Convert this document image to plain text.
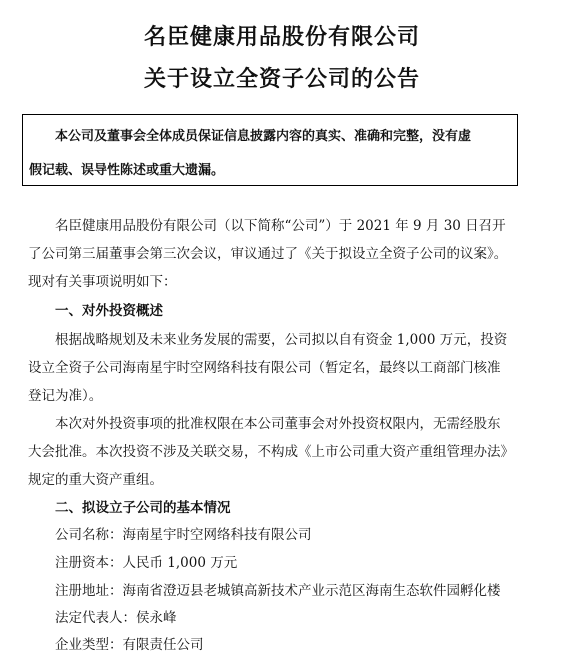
名臣健康用品股份有限公司
关于设立全资子公司的公告
本公司及董事会全体成员保证信息披露内容的真实、准确和完整，没有虚
假记载、误导性陈述或重大遗漏。
名臣健康用品股份有限公司（以下简称“公司”）于 2021 年 9 月 30 日召开
了公司第三届董事会第三次会议，审议通过了《关于拟设立全资子公司的议案》。
现对有关事项说明如下：
一、对外投资概述
根据战略规划及未来业务发展的需要，公司拟以自有资金 1,000 万元，投资
设立全资子公司海南星宇时空网络科技有限公司（暂定名，最终以工商部门核准
登记为准）。
本次对外投资事项的批准权限在本公司董事会对外投资权限内，无需经股东
大会批准。本次投资不涉及关联交易，不构成《上市公司重大资产重组管理办法》
规定的重大资产重组。
二、拟设立子公司的基本情况
公司名称：海南星宇时空网络科技有限公司
注册资本：人民币 1,000 万元
注册地址：海南省澄迈县老城镇高新技术产业示范区海南生态软件园孵化楼
法定代表人：侯永峰
企业类型：有限责任公司
